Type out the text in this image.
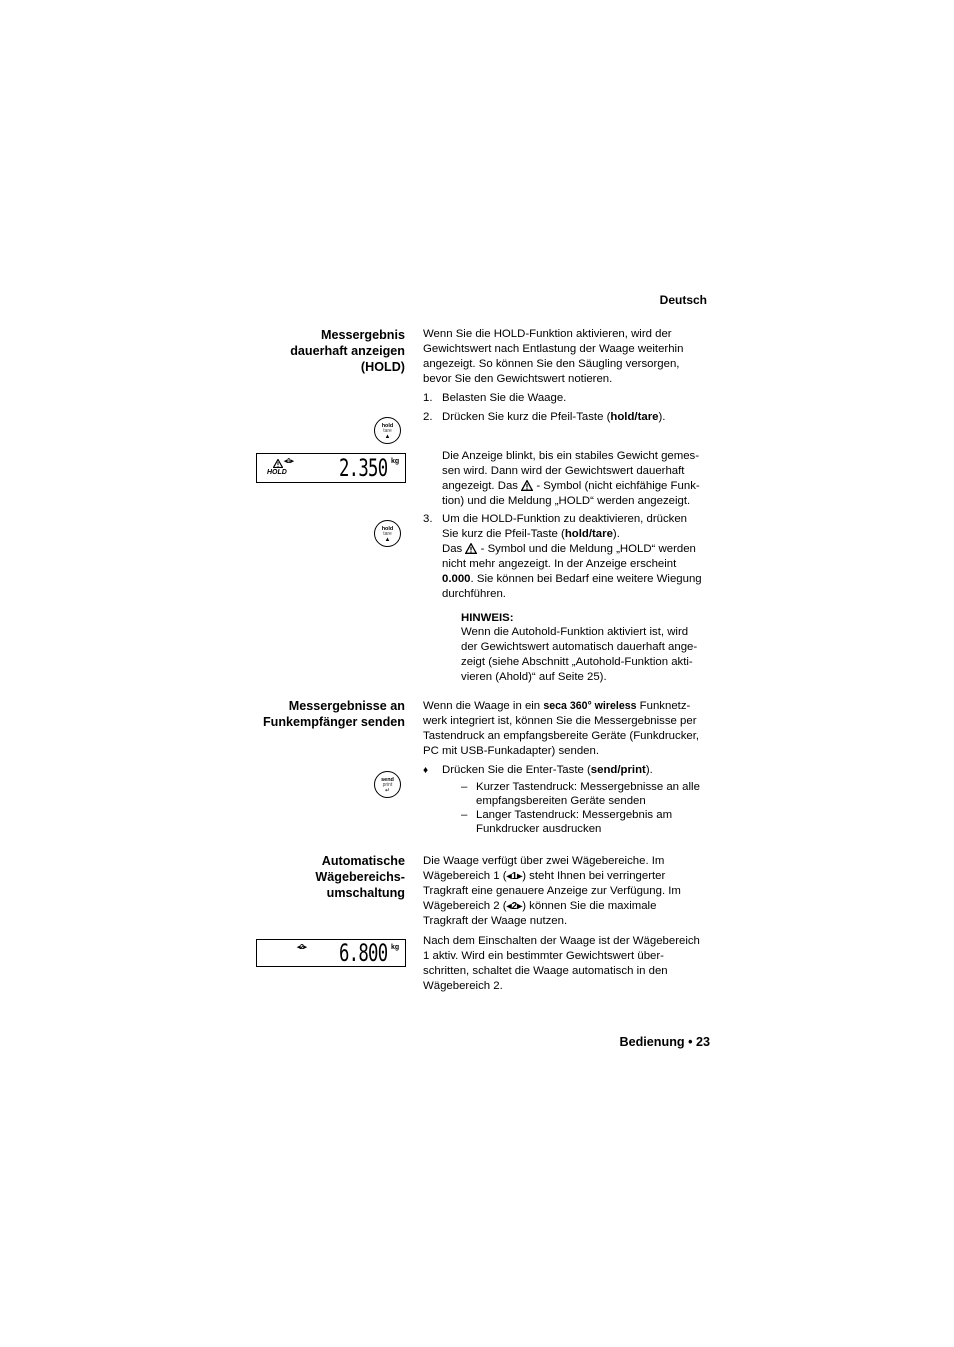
Deutsch
Messergebnis
dauerhaft anzeigen
(HOLD)
Wenn Sie die HOLD-Funktion aktivieren, wird der
Gewichtswert nach Entlastung der Waage weiterhin
angezeigt. So können Sie den Säugling versorgen,
bevor Sie den Gewichtswert notieren.
1. Belasten Sie die Waage.
2. Drücken Sie kurz die Pfeil-Taste (hold/tare).
hold
tare
▲
◂1▸
HOLD 2.350 kg	Die Anzeige blinkt, bis ein stabiles Gewicht gemes-
sen wird. Dann wird der Gewichtswert dauerhaft
angezeigt. Das - Symbol (nicht eichfähige Funk-
tion) und die Meldung „HOLD“ werden angezeigt.
hold
tare
▲
3. Um die HOLD-Funktion zu deaktivieren, drücken
Sie kurz die Pfeil-Taste (hold/tare).
Das - Symbol und die Meldung „HOLD“ werden
nicht mehr angezeigt. In der Anzeige erscheint
0.000. Sie können bei Bedarf eine weitere Wiegung
durchführen.
HINWEIS:
Wenn die Autohold-Funktion aktiviert ist, wird
der Gewichtswert automatisch dauerhaft ange-
zeigt (siehe Abschnitt „Autohold-Funktion akti-
vieren (Ahold)“ auf Seite 25).
Messergebnisse an
Funkempfänger senden
Wenn die Waage in ein seca 360° wireless Funknetz-
werk integriert ist, können Sie die Messergebnisse per
Tastendruck an empfangsbereite Geräte (Funkdrucker,
PC mit USB-Funkadapter) senden.
send
print
↵
♦ Drücken Sie die Enter-Taste (send/print).
– Kurzer Tastendruck: Messergebnisse an alle
empfangsbereiten Geräte senden
– Langer Tastendruck: Messergebnis am
Funkdrucker ausdrucken
Automatische
Wägebereichs-
umschaltung
Die Waage verfügt über zwei Wägebereiche. Im
Wägebereich 1 (◂1▸) steht Ihnen bei verringerter
Tragkraft eine genauere Anzeige zur Verfügung. Im
Wägebereich 2 (◂2▸) können Sie die maximale
Tragkraft der Waage nutzen.
◂2▸ 6.800 kg
Nach dem Einschalten der Waage ist der Wägebereich
1 aktiv. Wird ein bestimmter Gewichtswert über-
schritten, schaltet die Waage automatisch in den
Wägebereich 2.
Bedienung • 23
